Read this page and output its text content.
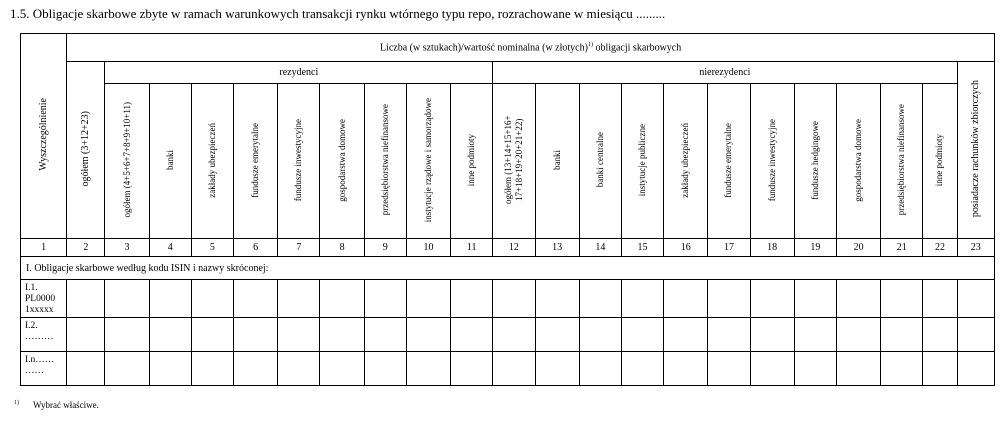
1.5. Obligacje skarbowe zbyte w ramach warunkowych transakcji rynku wtórnego typu repo, rozrachowane w miesiącu .........
Wyszczególnienie	Liczba (w sztukach)/wartość nominalna (w złotych)$^{1)}$ obligacji skarbowych																					
	ogółem (3+12+23)	rezydenci									nierezydenci											posiadacze rachunków zbiorczych
		ogółem (4+5+6+7+8+9+10+11)	banki	zakłady ubezpieczeń	fundusze emerytalne	fundusze inwestycyjne	gospodarstwa domowe	przedsiębiorstwa niefinansowe	instytucje rządowe i samorządowe	inne podmioty	ogółem (13+14+15+16+ 17+18+19+20+21+22)	banki	banki centralne	instytucje publiczne	zakłady ubezpieczeń	fundusze emerytalne	fundusze inwestycyjne	fundusze hedgingowe	gospodarstwa domowe	przedsiębiorstwa niefinansowe	inne podmioty	
1	2	3	4	5	6	7	8	9	10	11	12	13	14	15	16	17	18	19	20	21	22	23
I. Obligacje skarbowe według kodu ISIN i nazwy skróconej:																						
I.1. PL0000 1xxxxx																						
I.2. ………																						
I.n…… ……																						
$^{1)}$ Wybrać właściwe.
